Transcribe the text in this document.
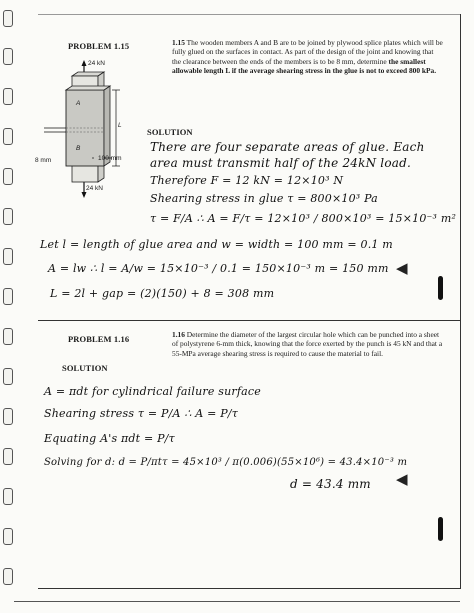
◀
◀
PROBLEM 1.15	1.15 The wooden members A and B are to be joined by plywood splice plates which will be fully glued on the surfaces in contact. As part of the design of the joint and knowing that the clearance between the ends of the members is to be 8 mm, determine the smallest allowable length L if the average shearing stress in the glue is not to exceed 800 kPa.
24 kN
24 kN
8 mm	100 mm
L
A
B
SOLUTION
There are four separate areas of glue. Each
area must transmit half of the 24kN load.
Therefore F = 12 kN = 12×10³ N
Shearing stress in glue τ = 800×10³ Pa
τ = F/A ∴ A = F/τ = 12×10³ / 800×10³ = 15×10⁻³ m²
Let l = length of glue area and w = width = 100 mm = 0.1 m
A = lw ∴ l = A/w = 15×10⁻³ / 0.1 = 150×10⁻³ m = 150 mm
L = 2l + gap = (2)(150) + 8 = 308 mm
PROBLEM 1.16	1.16 Determine the diameter of the largest circular hole which can be punched into a sheet of polystyrene 6-mm thick, knowing that the force exerted by the punch is 45 kN and that a 55-MPa average shearing stress is required to cause the material to fail.
SOLUTION
A = πdt for cylindrical failure surface
Shearing stress τ = P/A ∴ A = P/τ
Equating A's πdt = P/τ
Solving for d: d = P/πtτ = 45×10³ / π(0.006)(55×10⁶) = 43.4×10⁻³ m
d = 43.4 mm
